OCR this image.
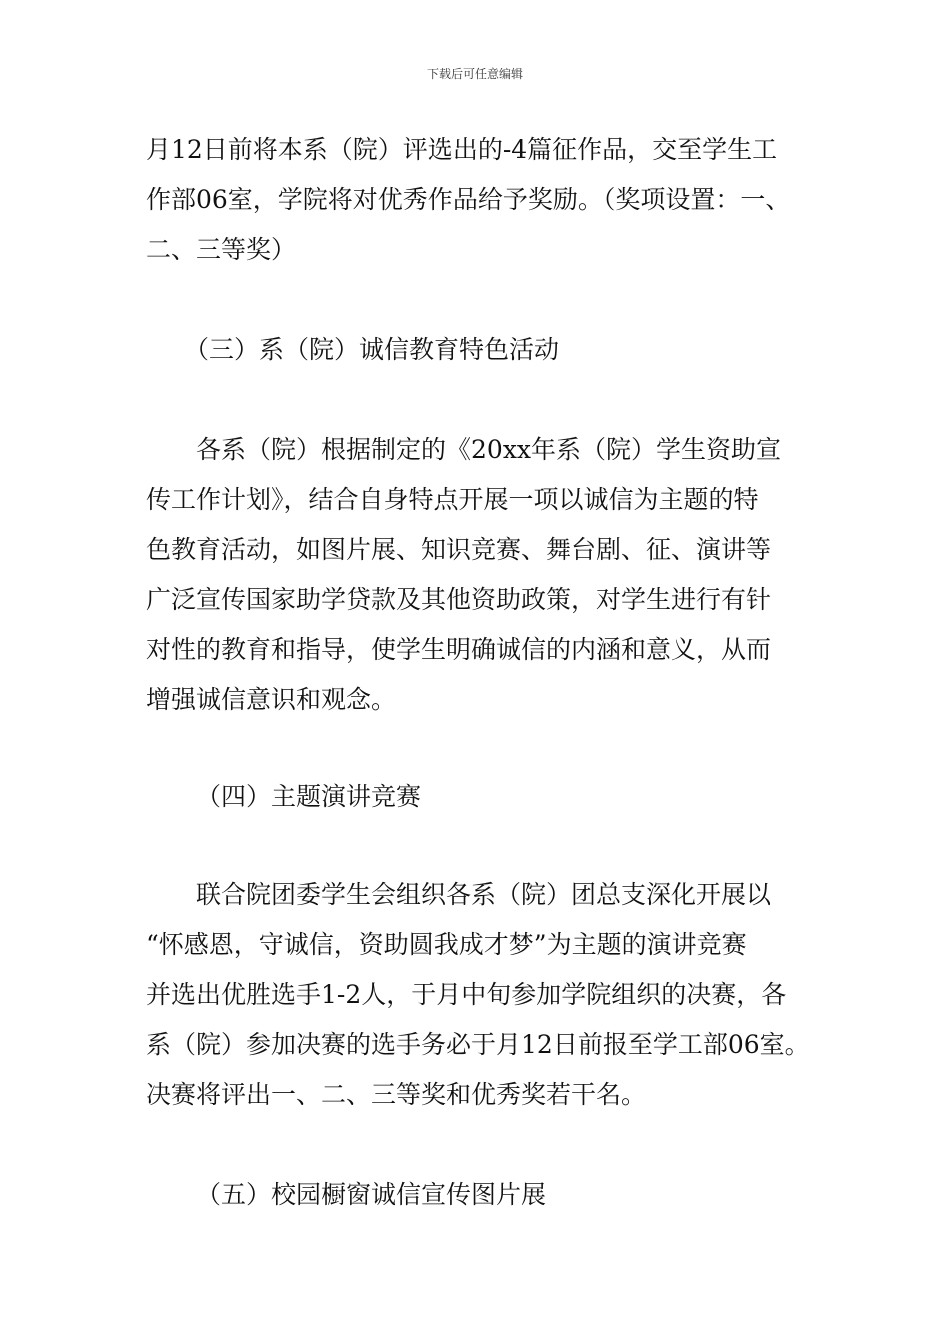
下载后可任意编辑

月12日前将本系（院）评选出的-4篇征作品，交至学生工

作部06室，学院将对优秀作品给予奖励。（奖项设置：一、

二、三等奖）

（三）系（院）诚信教育特色活动

各系（院）根据制定的《20xx年系（院）学生资助宣

传工作计划》，结合自身特点开展一项以诚信为主题的特

色教育活动，如图片展、知识竞赛、舞台剧、征、演讲等

广泛宣传国家助学贷款及其他资助政策，对学生进行有针

对性的教育和指导，使学生明确诚信的内涵和意义，从而

增强诚信意识和观念。

（四）主题演讲竞赛

联合院团委学生会组织各系（院）团总支深化开展以

“怀感恩，守诚信，资助圆我成才梦”为主题的演讲竞赛

并选出优胜选手1-2人，于月中旬参加学院组织的决赛，各

系（院）参加决赛的选手务必于月12日前报至学工部06室。

决赛将评出一、二、三等奖和优秀奖若干名。

（五）校园橱窗诚信宣传图片展
